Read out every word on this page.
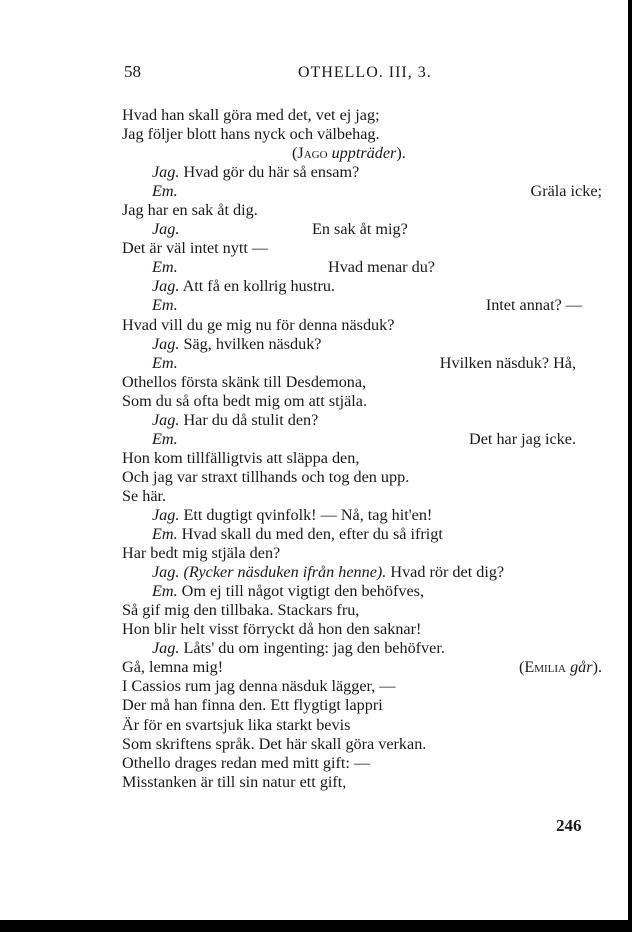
58	OTHELLO. III, 3.
Hvad han skall göra med det, vet ej jag;
Jag följer blott hans nyck och välbehag.
(Jago uppträder).
Jag. Hvad gör du här så ensam?
Em.	Gräla icke;
Jag har en sak åt dig.
Jag.	En sak åt mig?
Det är väl intet nytt —
Em.	Hvad menar du?
Jag. Att få en kollrig hustru.
Em.	Intet annat? —
Hvad vill du ge mig nu för denna näsduk?
Jag. Säg, hvilken näsduk?
Em.	Hvilken näsduk? Hå,
Othellos första skänk till Desdemona,
Som du så ofta bedt mig om att stjäla.
Jag. Har du då stulit den?
Em.	Det har jag icke.
Hon kom tillfälligtvis att släppa den,
Och jag var straxt tillhands och tog den upp.
Se här.
Jag. Ett dugtigt qvinfolk! — Nå, tag hit'en!
Em. Hvad skall du med den, efter du så ifrigt
Har bedt mig stjäla den?
Jag. (Rycker näsduken ifrån henne). Hvad rör det dig?
Em. Om ej till något vigtigt den behöfves,
Så gif mig den tillbaka. Stackars fru,
Hon blir helt visst förryckt då hon den saknar!
Jag. Låts' du om ingenting: jag den behöfver.
Gå, lemna mig!	(Emilia går).
I Cassios rum jag denna näsduk lägger, —
Der må han finna den. Ett flygtigt lappri
Är för en svartsjuk lika starkt bevis
Som skriftens språk. Det här skall göra verkan.
Othello drages redan med mitt gift: —
Misstanken är till sin natur ett gift,
246
